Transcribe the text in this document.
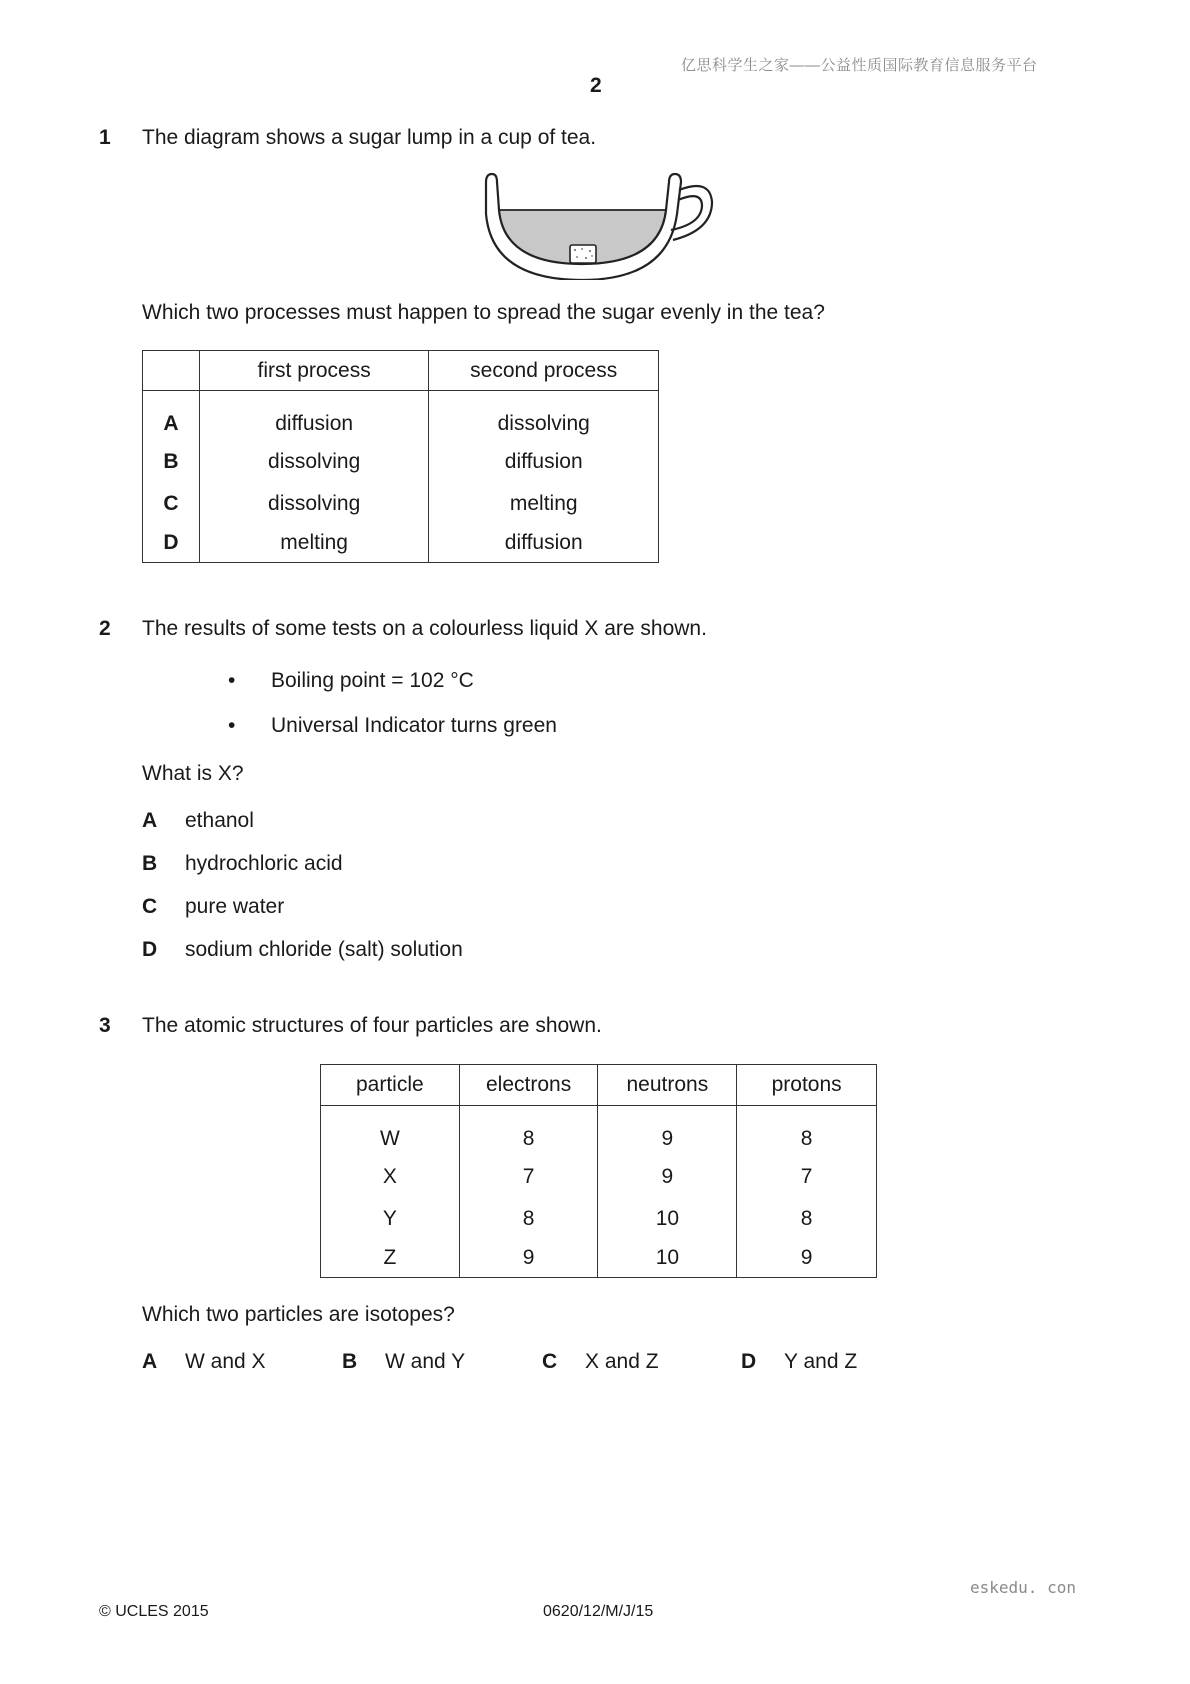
亿思科学生之家——公益性质国际教育信息服务平台
2
1 The diagram shows a sugar lump in a cup of tea.
Which two processes must happen to spread the sugar evenly in the tea?
	first process	second process
A	diffusion	dissolving
B	dissolving	diffusion
C	dissolving	melting
D	melting	diffusion
2 The results of some tests on a colourless liquid X are shown.
• Boiling point = 102 °C
• Universal Indicator turns green
What is X?
A ethanol
B hydrochloric acid
C pure water
D sodium chloride (salt) solution
3 The atomic structures of four particles are shown.
particle	electrons	neutrons	protons
W	8	9	8
X	7	9	7
Y	8	10	8
Z	9	10	9
Which two particles are isotopes?
A W and X	B W and Y	C X and Z	D Y and Z
eskedu. con
© UCLES 2015	0620/12/M/J/15
